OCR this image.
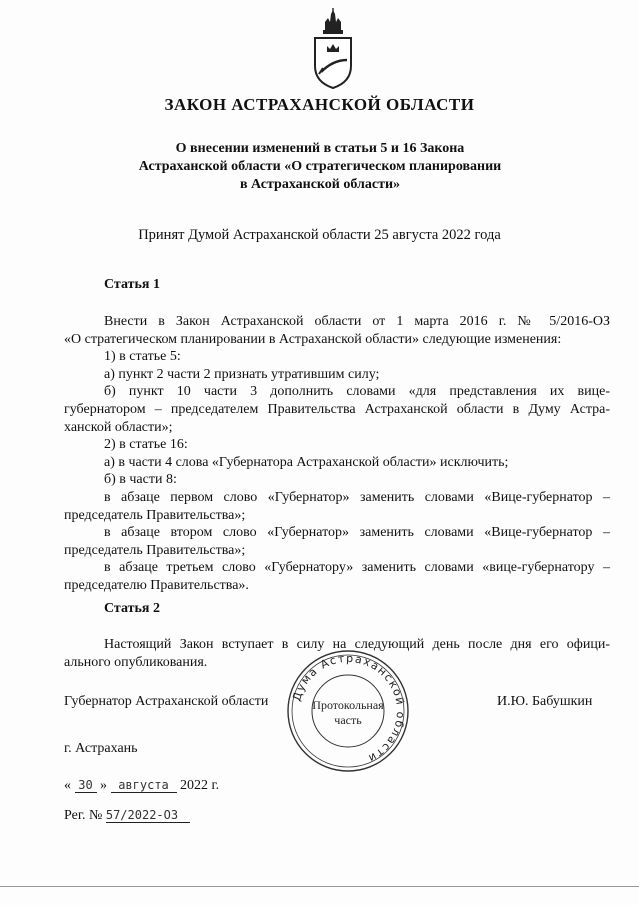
ЗАКОН АСТРАХАНСКОЙ ОБЛАСТИ
О внесении изменений в статьи 5 и 16 Закона
Астраханской области «О стратегическом планировании
в Астраханской области»
Принят Думой Астраханской области 25 августа 2022 года
Статья 1
Внести в Закон Астраханской области от 1 марта 2016 г. № 5/2016-ОЗ
«О стратегическом планировании в Астраханской области» следующие изменения:
1) в статье 5:
а) пункт 2 части 2 признать утратившим силу;
б) пункт 10 части 3 дополнить словами «для представления их вице-
губернатором – председателем Правительства Астраханской области в Думу Астра-
ханской области»;
2) в статье 16:
а) в части 4 слова «Губернатора Астраханской области» исключить;
б) в части 8:
в абзаце первом слово «Губернатор» заменить словами «Вице-губернатор –
председатель Правительства»;
в абзаце втором слово «Губернатор» заменить словами «Вице-губернатор –
председатель Правительства»;
в абзаце третьем слово «Губернатору» заменить словами «вице-губернатору –
председателю Правительства».
Статья 2
Настоящий Закон вступает в силу на следующий день после дня его офици-
ального опубликования.
Губернатор Астраханской области Дума Астраханской области
Протокольная
часть
И.Ю. Бабушкин
г. Астрахань
« 30 » августа 2022 г.
Рег. № 57/2022-ОЗ
